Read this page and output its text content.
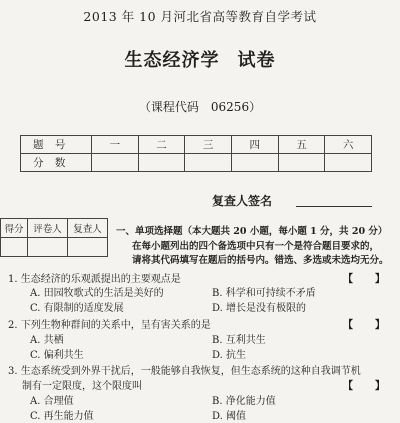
2013 年 10 月河北省高等教育自学考试
生态经济学 试卷
（课程代码　06256）
题 号	一	二	三	四	五	六
分 数						
复查人签名
得分	评卷人	复查人
		一、单项选择题（本大题共 20 小题，每小题 1 分，共 20 分）
在每小题列出的四个备选项中只有一个是符合题目要求的，
请将其代码填写在题后的括号内。错选、多选或未选均无分。
1. 生态经济的乐观派提出的主要观点是	【 】
A. 田园牧歌式的生活是美好的	B. 科学和可持续不矛盾
C. 有限制的适度发展	D. 增长是没有极限的
2. 下列生物种群间的关系中，呈有害关系的是	【 】
A. 共栖	B. 互利共生
C. 偏利共生	D. 抗生
3. 生态系统受到外界干扰后，一般能够自我恢复，但生态系统的这种自我调节机
制有一定限度，这个限度叫	【 】
A. 合理值	B. 净化能力值
C. 再生能力值	D. 阈值
